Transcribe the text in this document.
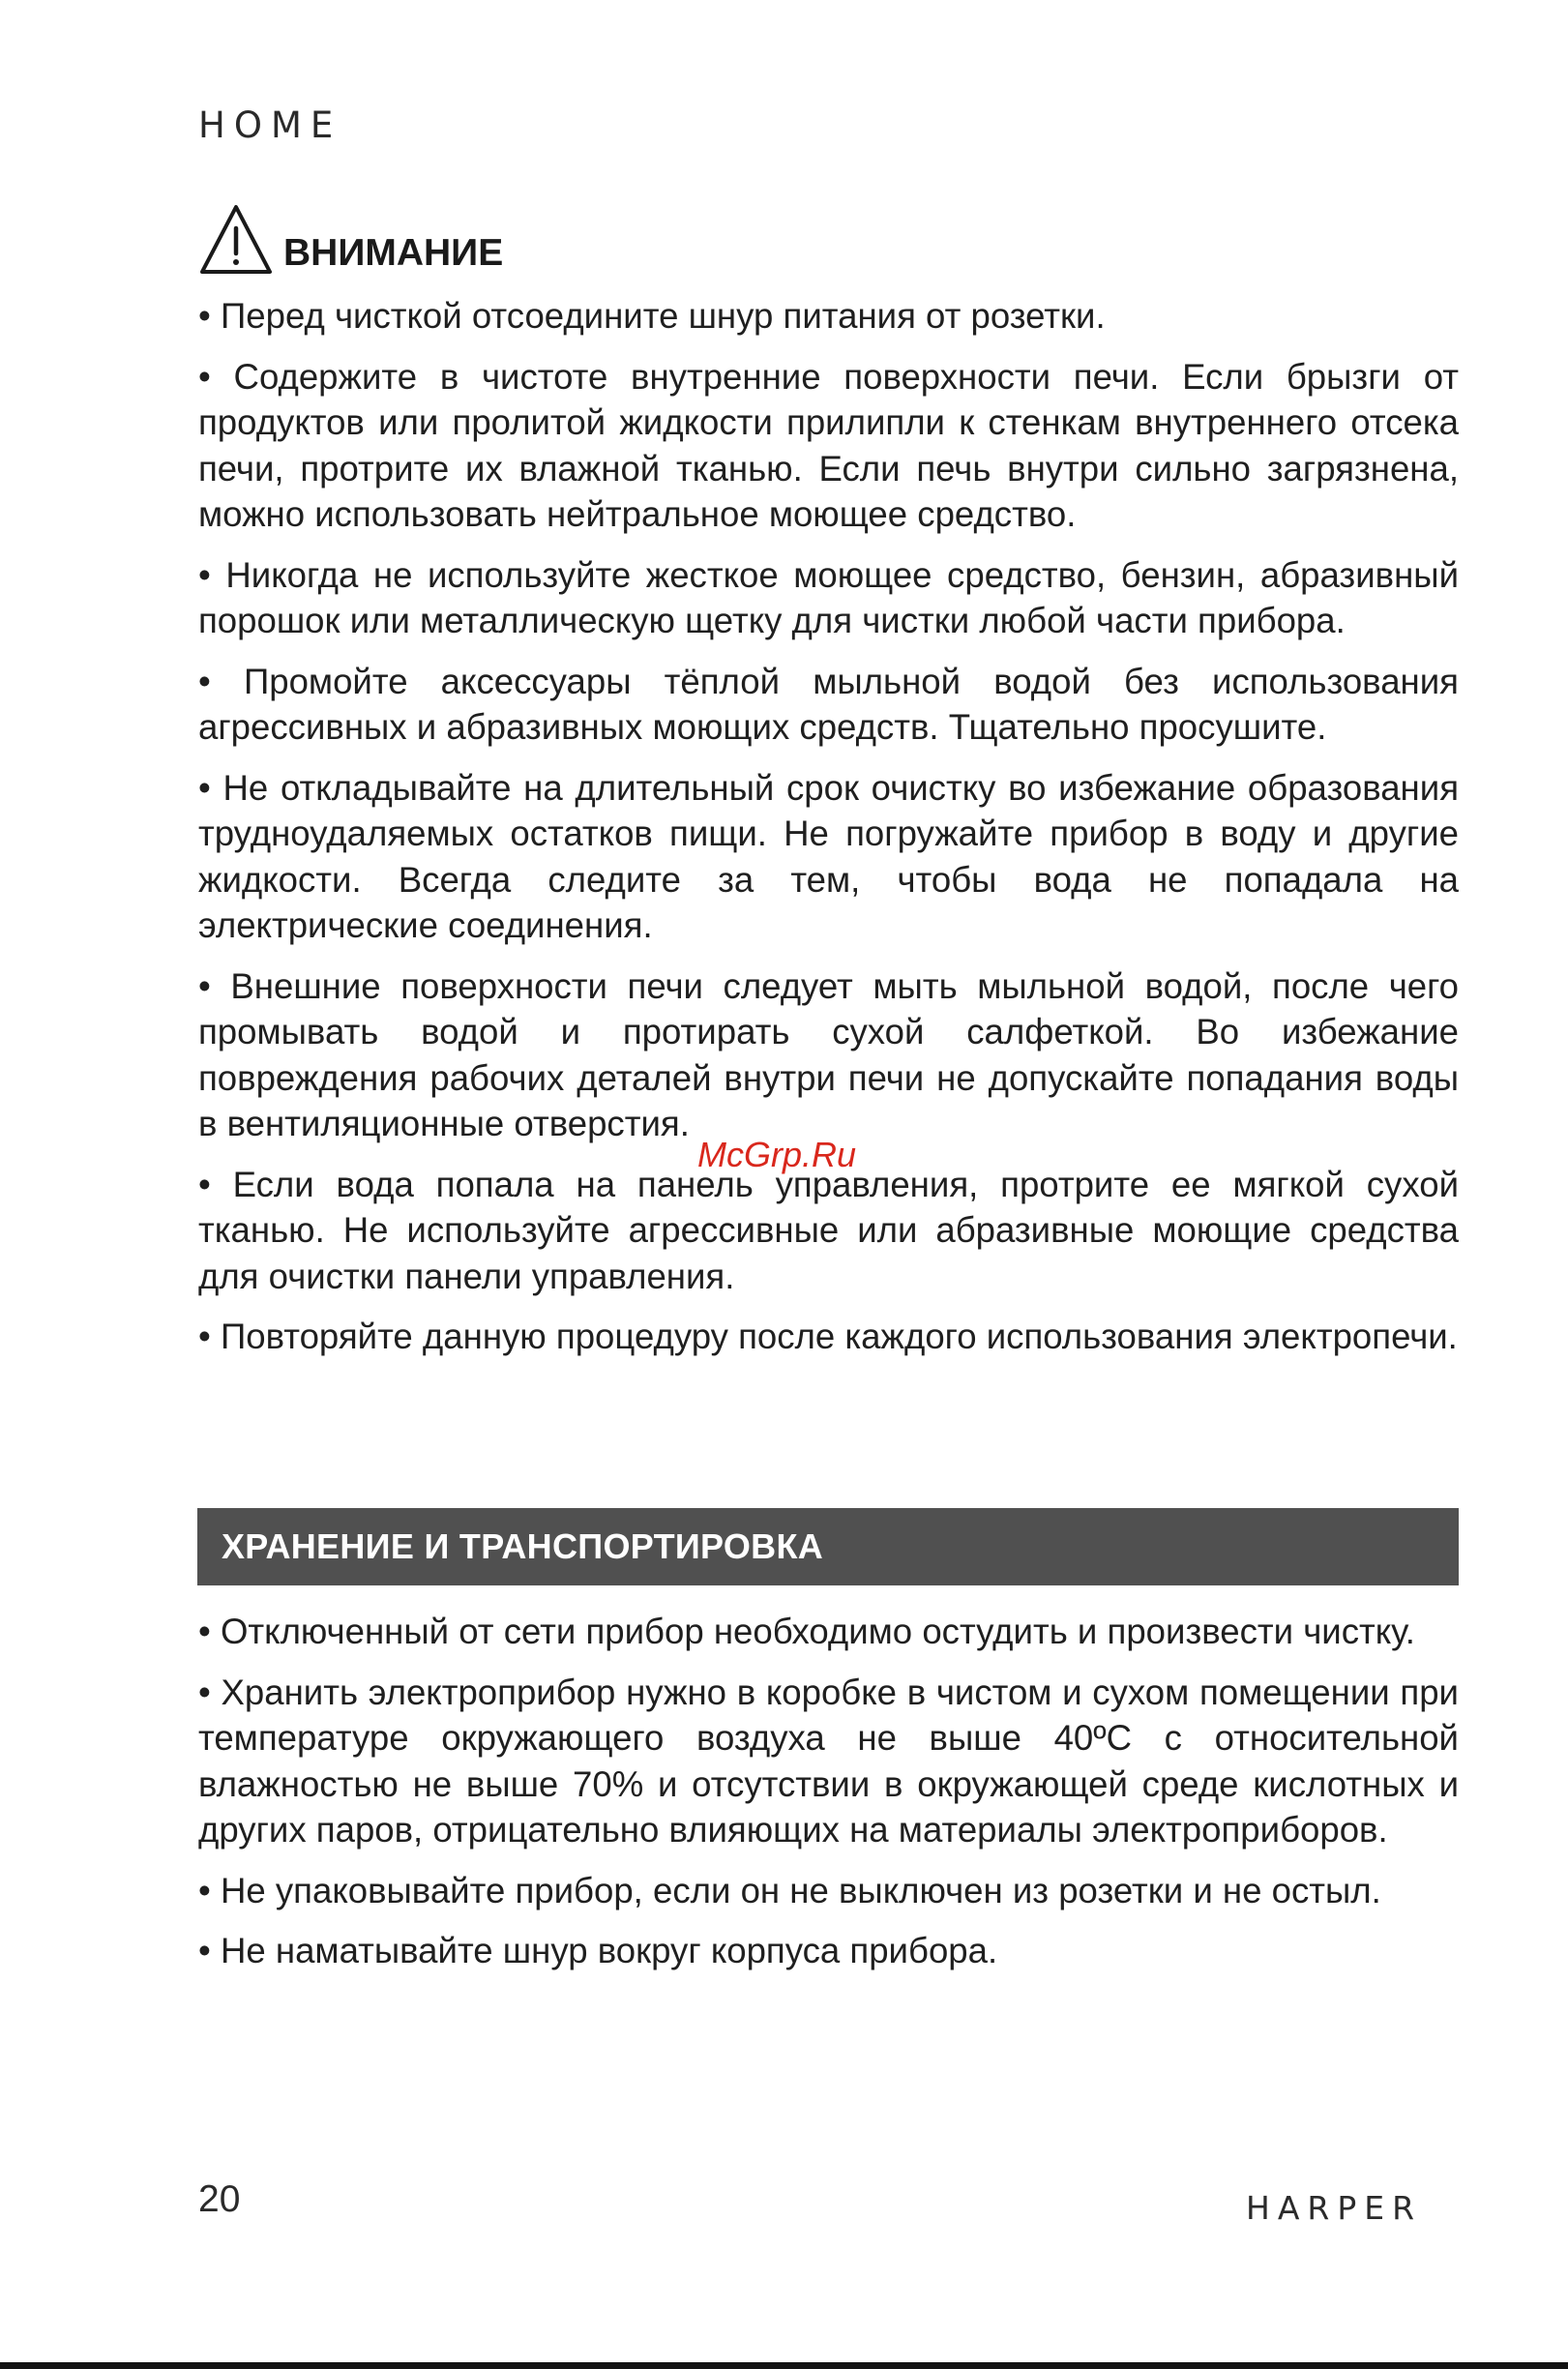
HOME
ВНИМАНИЕ

• Перед чисткой отсоедините шнур питания от розетки.

• Содержите в чистоте внутренние поверхности печи. Если брызги от продуктов или пролитой жидкости прилипли к стенкам внутреннего отсека печи, протрите их влажной тканью. Если печь внутри сильно загрязнена, можно использовать нейтральное моющее средство.

• Никогда не используйте жесткое моющее средство, бензин, абразивный порошок или металлическую щетку для чистки любой части прибора.

• Промойте аксессуары тёплой мыльной водой без использования агрессивных и абразивных моющих средств. Тщательно просушите.

• Не откладывайте на длительный срок очистку во избежание образования трудноудаляемых остатков пищи. Не погружайте прибор в воду и другие жидкости. Всегда следите за тем, чтобы вода не попадала на электрические соединения.

• Внешние поверхности печи следует мыть мыльной водой, после чего промывать водой и протирать сухой салфеткой. Во избежание повреждения рабочих деталей внутри печи не допускайте попадания воды в вентиляционные отверстия.

• Если вода попала на панель управления, протрите ее мягкой сухой тканью. Не используйте агрессивные или абразивные моющие средства для очистки панели управления.

• Повторяйте данную процедуру после каждого использования электропечи.

McGrp.Ru
ХРАНЕНИЕ И ТРАНСПОРТИРОВКА

• Отключенный от сети прибор необходимо остудить и произвести чистку.

• Хранить электроприбор нужно в коробке в чистом и сухом помещении при температуре окружающего воздуха не выше 40ºС с относительной влажностью не выше 70% и отсутствии в окружающей среде кислотных и других паров, отрицательно влияющих на материалы электроприборов.

• Не упаковывайте прибор, если он не выключен из розетки и не остыл.

• Не наматывайте шнур вокруг корпуса прибора.

20	HARPER
